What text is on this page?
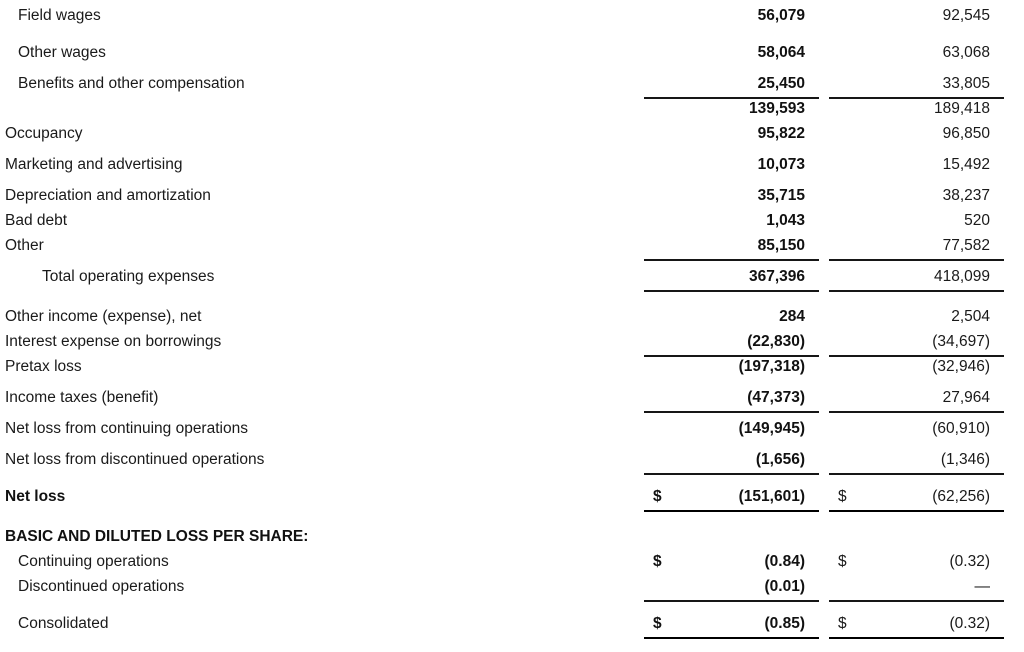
Field wages	56,079	92,545
Other wages	58,064	63,068
Benefits and other compensation	25,450	33,805
139,593	189,418
Occupancy	95,822	96,850
Marketing and advertising	10,073	15,492
Depreciation and amortization	35,715	38,237
Bad debt	1,043	520
Other	85,150	77,582
Total operating expenses	367,396	418,099
Other income (expense), net	284	2,504
Interest expense on borrowings	(22,830)	(34,697)
Pretax loss	(197,318)	(32,946)
Income taxes (benefit)	(47,373)	27,964
Net loss from continuing operations	(149,945)	(60,910)
Net loss from discontinued operations	(1,656)	(1,346)
Net loss	$	(151,601) $	(62,256)
BASIC AND DILUTED LOSS PER SHARE:
Continuing operations	$	(0.84) $	(0.32)
Discontinued operations	(0.01)	—
Consolidated	$	(0.85) $	(0.32)
